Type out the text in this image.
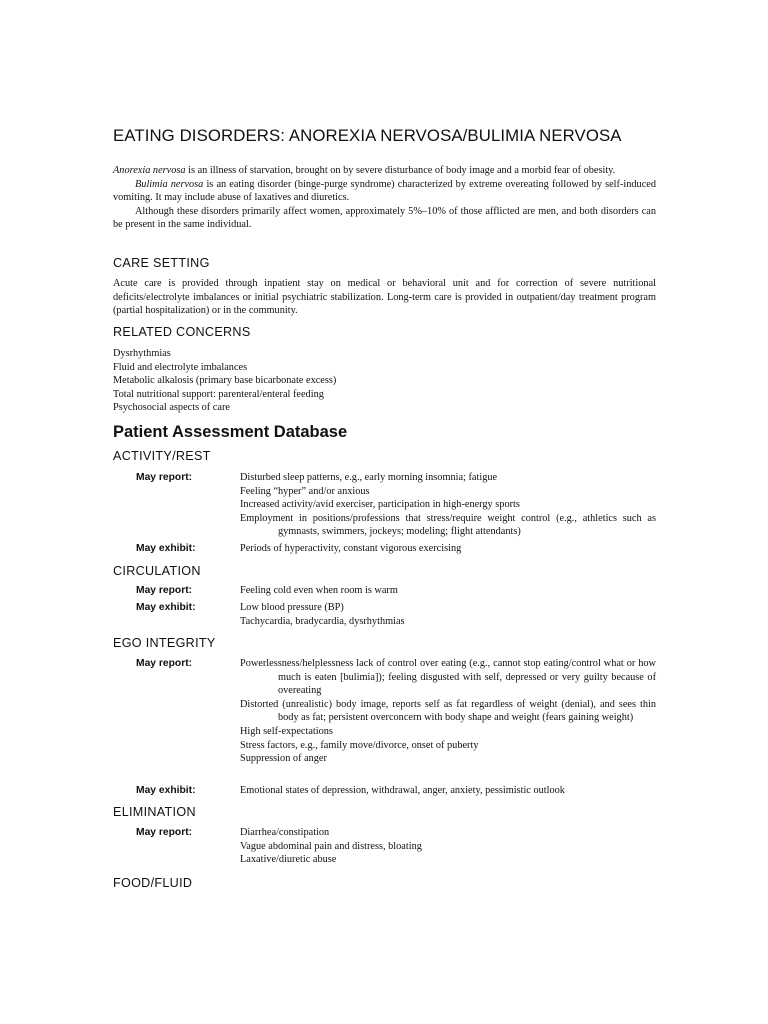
EATING DISORDERS: ANOREXIA NERVOSA/BULIMIA NERVOSA

Anorexia nervosa is an illness of starvation, brought on by severe disturbance of body image and a morbid fear of obesity.

Bulimia nervosa is an eating disorder (binge-purge syndrome) characterized by extreme overeating followed by self-induced vomiting. It may include abuse of laxatives and diuretics.

Although these disorders primarily affect women, approximately 5%–10% of those afflicted are men, and both disorders can be present in the same individual.

CARE SETTING
Acute care is provided through inpatient stay on medical or behavioral unit and for correction of severe nutritional deficits/electrolyte imbalances or initial psychiatric stabilization. Long-term care is provided in outpatient/day treatment program (partial hospitalization) or in the community.
RELATED CONCERNS
Dysrhythmias
Fluid and electrolyte imbalances
Metabolic alkalosis (primary base bicarbonate excess)
Total nutritional support: parenteral/enteral feeding
Psychosocial aspects of care
Patient Assessment Database
ACTIVITY/REST
May report:	Disturbed sleep patterns, e.g., early morning insomnia; fatigue
Feeling “hyper” and/or anxious
Increased activity/avid exerciser, participation in high-energy sports
Employment in positions/professions that stress/require weight control (e.g., athletics such as gymnasts, swimmers, jockeys; modeling; flight attendants)
May exhibit:	Periods of hyperactivity, constant vigorous exercising
CIRCULATION
May report:	Feeling cold even when room is warm
May exhibit:	Low blood pressure (BP)
Tachycardia, bradycardia, dysrhythmias
EGO INTEGRITY
May report:	Powerlessness/helplessness lack of control over eating (e.g., cannot stop eating/control what or how much is eaten [bulimia]); feeling disgusted with self, depressed or very guilty because of overeating
Distorted (unrealistic) body image, reports self as fat regardless of weight (denial), and sees thin body as fat; persistent overconcern with body shape and weight (fears gaining weight)
High self-expectations
Stress factors, e.g., family move/divorce, onset of puberty
Suppression of anger
May exhibit:	Emotional states of depression, withdrawal, anger, anxiety, pessimistic outlook
ELIMINATION
May report:	Diarrhea/constipation
Vague abdominal pain and distress, bloating
Laxative/diuretic abuse
FOOD/FLUID
